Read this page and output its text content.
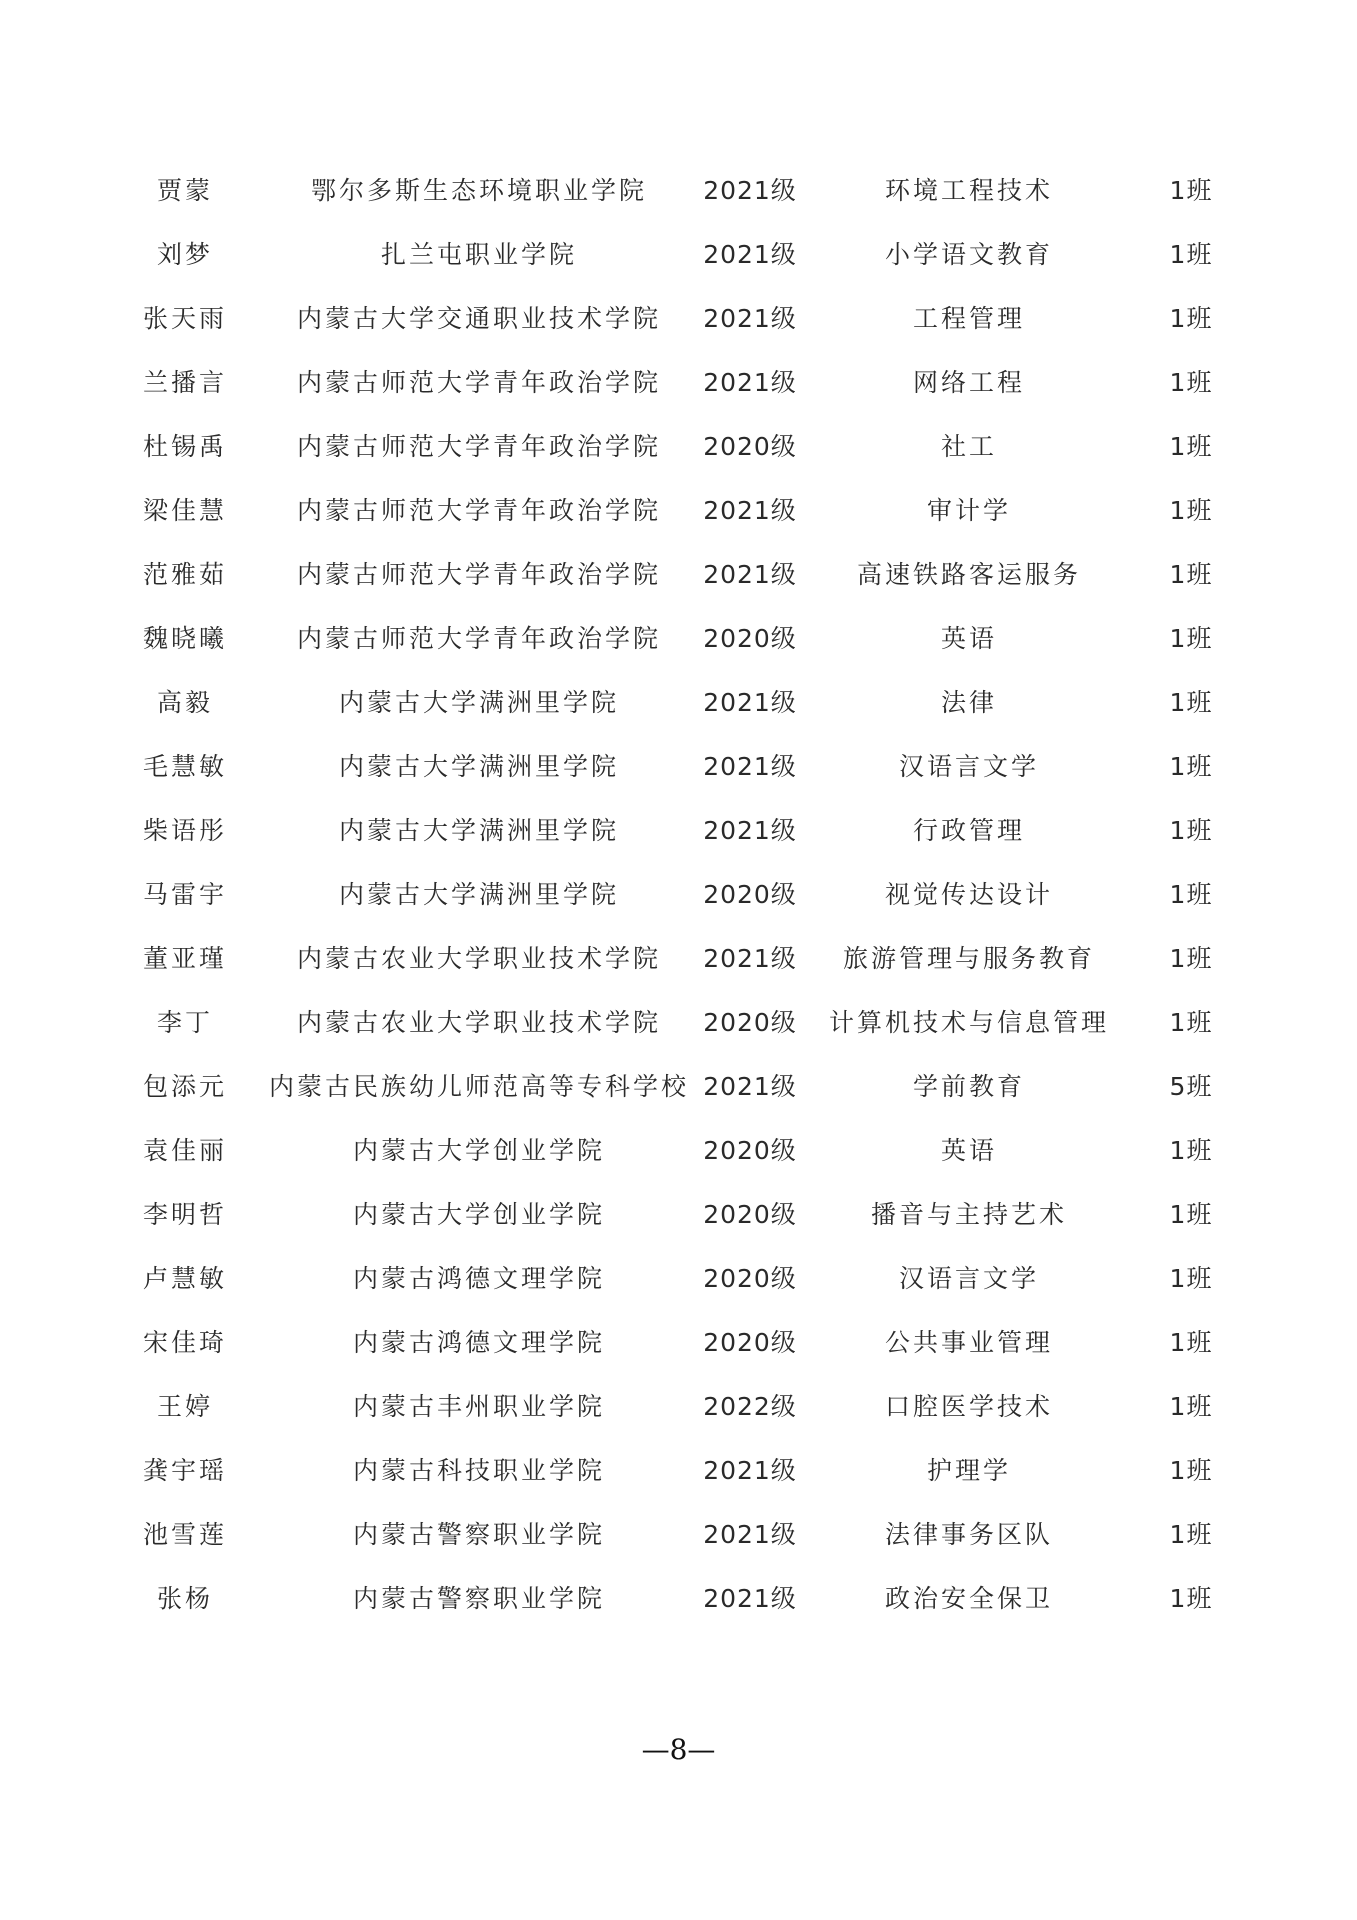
贾蒙	鄂尔多斯生态环境职业学院 2021级	环境工程技术	1班
刘梦	扎兰屯职业学院	2021级	小学语文教育	1班
张天雨	内蒙古大学交通职业技术学院 2021级	工程管理	1班
兰播言	内蒙古师范大学青年政治学院 2021级	网络工程	1班
杜锡禹	内蒙古师范大学青年政治学院 2020级	社工	1班
梁佳慧	内蒙古师范大学青年政治学院 2021级	审计学	1班
范雅茹	内蒙古师范大学青年政治学院 2021级 高速铁路客运服务	1班
魏晓曦	内蒙古师范大学青年政治学院 2020级	英语	1班
高毅	内蒙古大学满洲里学院	2021级	法律	1班
毛慧敏	内蒙古大学满洲里学院	2021级	汉语言文学	1班
柴语彤	内蒙古大学满洲里学院	2021级	行政管理	1班
马雷宇	内蒙古大学满洲里学院	2020级	视觉传达设计	1班
董亚瑾	内蒙古农业大学职业技术学院 2021级 旅游管理与服务教育	1班
李丁	内蒙古农业大学职业技术学院 2020级 计算机技术与信息管理 1班
包添元 内蒙古民族幼儿师范高等专科学校 2021级	学前教育	5班
袁佳丽	内蒙古大学创业学院	2020级	英语	1班
李明哲	内蒙古大学创业学院	2020级	播音与主持艺术	1班
卢慧敏	内蒙古鸿德文理学院	2020级	汉语言文学	1班
宋佳琦	内蒙古鸿德文理学院	2020级	公共事业管理	1班
王婷	内蒙古丰州职业学院	2022级	口腔医学技术	1班
龚宇瑶	内蒙古科技职业学院	2021级	护理学	1班
池雪莲	内蒙古警察职业学院	2021级	法律事务区队	1班
张杨	内蒙古警察职业学院	2021级	政治安全保卫	1班
—8—
